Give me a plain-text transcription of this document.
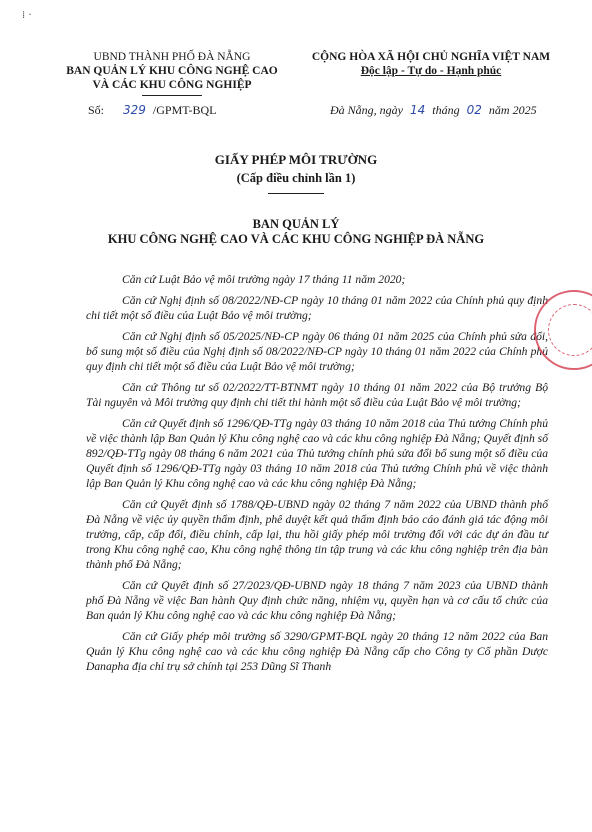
⁞ ·
UBND THÀNH PHỐ ĐÀ NẴNG
BAN QUẢN LÝ KHU CÔNG NGHỆ CAO
VÀ CÁC KHU CÔNG NGHIỆP
CỘNG HÒA XÃ HỘI CHỦ NGHĨA VIỆT NAM
Độc lập - Tự do - Hạnh phúc
Số: 329 /GPMT-BQL	Đà Nẵng, ngày 14 tháng 02 năm 2025
GIẤY PHÉP MÔI TRƯỜNG
(Cấp điều chỉnh lần 1)
BAN QUẢN LÝ
KHU CÔNG NGHỆ CAO VÀ CÁC KHU CÔNG NGHIỆP ĐÀ NẴNG

Căn cứ Luật Bảo vệ môi trường ngày 17 tháng 11 năm 2020;

Căn cứ Nghị định số 08/2022/NĐ-CP ngày 10 tháng 01 năm 2022 của Chính phủ quy định chi tiết một số điều của Luật Bảo vệ môi trường;

Căn cứ Nghị định số 05/2025/NĐ-CP ngày 06 tháng 01 năm 2025 của Chính phủ sửa đổi, bổ sung một số điều của Nghị định số 08/2022/NĐ-CP ngày 10 tháng 01 năm 2022 của Chính phủ quy định chi tiết một số điều của Luật Bảo vệ môi trường;

Căn cứ Thông tư số 02/2022/TT-BTNMT ngày 10 tháng 01 năm 2022 của Bộ trưởng Bộ Tài nguyên và Môi trường quy định chi tiết thi hành một số điều của Luật Bảo vệ môi trường;

Căn cứ Quyết định số 1296/QĐ-TTg ngày 03 tháng 10 năm 2018 của Thủ tướng Chính phủ về việc thành lập Ban Quản lý Khu công nghệ cao và các khu công nghiệp Đà Nẵng; Quyết định số 892/QĐ-TTg ngày 08 tháng 6 năm 2021 của Thủ tướng chính phủ sửa đổi bổ sung một số điều của Quyết định số 1296/QĐ-TTg ngày 03 tháng 10 năm 2018 của Thủ tướng Chính phủ về việc thành lập Ban Quản lý Khu công nghệ cao và các khu công nghiệp Đà Nẵng;

Căn cứ Quyết định số 1788/QĐ-UBND ngày 02 tháng 7 năm 2022 của UBND thành phố Đà Nẵng về việc ủy quyền thẩm định, phê duyệt kết quả thẩm định báo cáo đánh giá tác động môi trường, cấp, cấp đổi, điều chỉnh, cấp lại, thu hồi giấy phép môi trường đối với các dự án đầu tư trong Khu công nghệ cao, Khu công nghệ thông tin tập trung và các khu công nghiệp trên địa bàn thành phố Đà Nẵng;

Căn cứ Quyết định số 27/2023/QĐ-UBND ngày 18 tháng 7 năm 2023 của UBND thành phố Đà Nẵng về việc Ban hành Quy định chức năng, nhiệm vụ, quyền hạn và cơ cấu tổ chức của Ban quản lý Khu công nghệ cao và các khu công nghiệp Đà Nẵng;

Căn cứ Giấy phép môi trường số 3290/GPMT-BQL ngày 20 tháng 12 năm 2022 của Ban Quản lý Khu công nghệ cao và các khu công nghiệp Đà Nẵng cấp cho Công ty Cổ phần Dược Danapha địa chỉ trụ sở chính tại 253 Dũng Sĩ Thanh
